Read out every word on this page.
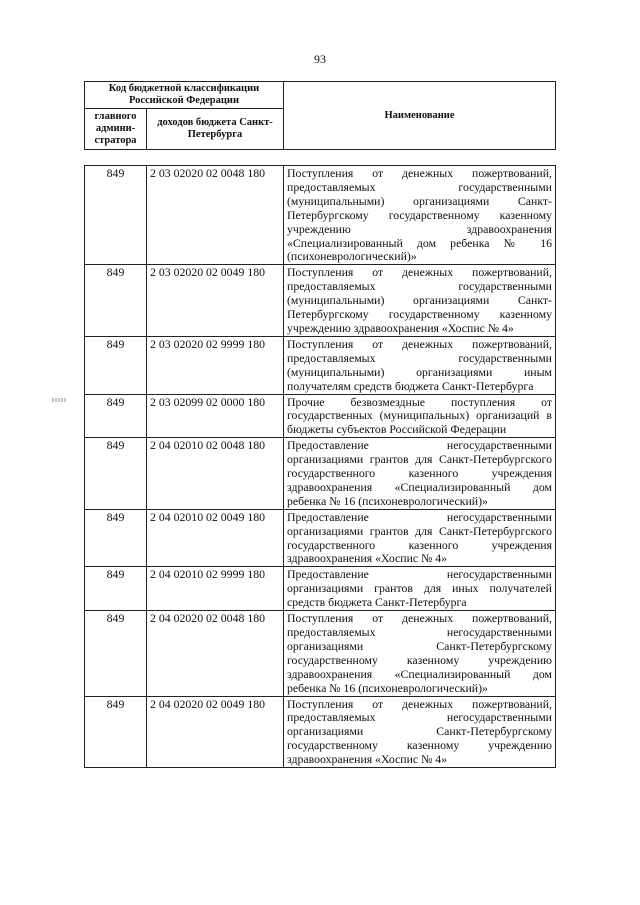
93
Код бюджетной классификации Российской Федерации		Наименование
главного админи-стратора	доходов бюджета Санкт-Петербурга	
849	2 03 02020 02 0048 180	Поступления от денежных пожертвований, предоставляемых государственными (муниципальными) организациями Санкт-Петербургскому государственному казенному учреждению здравоохранения «Специализированный дом ребенка № 16 (психоневрологический)»
849	2 03 02020 02 0049 180	Поступления от денежных пожертвований, предоставляемых государственными (муниципальными) организациями Санкт-Петербургскому государственному казенному учреждению здравоохранения «Хоспис № 4»
849	2 03 02020 02 9999 180	Поступления от денежных пожертвований, предоставляемых государственными (муниципальными) организациями иным получателям средств бюджета Санкт-Петербурга
849	2 03 02099 02 0000 180	Прочие безвозмездные поступления от государственных (муниципальных) организаций в бюджеты субъектов Российской Федерации
849	2 04 02010 02 0048 180	Предоставление негосударственными организациями грантов для Санкт-Петербургского государственного казенного учреждения здравоохранения «Специализированный дом ребенка № 16 (психоневрологический)»
849	2 04 02010 02 0049 180	Предоставление негосударственными организациями грантов для Санкт-Петербургского государственного казенного учреждения здравоохранения «Хоспис № 4»
849	2 04 02010 02 9999 180	Предоставление негосударственными организациями грантов для иных получателей средств бюджета Санкт-Петербурга
849	2 04 02020 02 0048 180	Поступления от денежных пожертвований, предоставляемых негосударственными организациями Санкт-Петербургскому государственному казенному учреждению здравоохранения «Специализированный дом ребенка № 16 (психоневрологический)»
849	2 04 02020 02 0049 180	Поступления от денежных пожертвований, предоставляемых негосударственными организациями Санкт-Петербургскому государственному казенному учреждению здравоохранения «Хоспис № 4»
